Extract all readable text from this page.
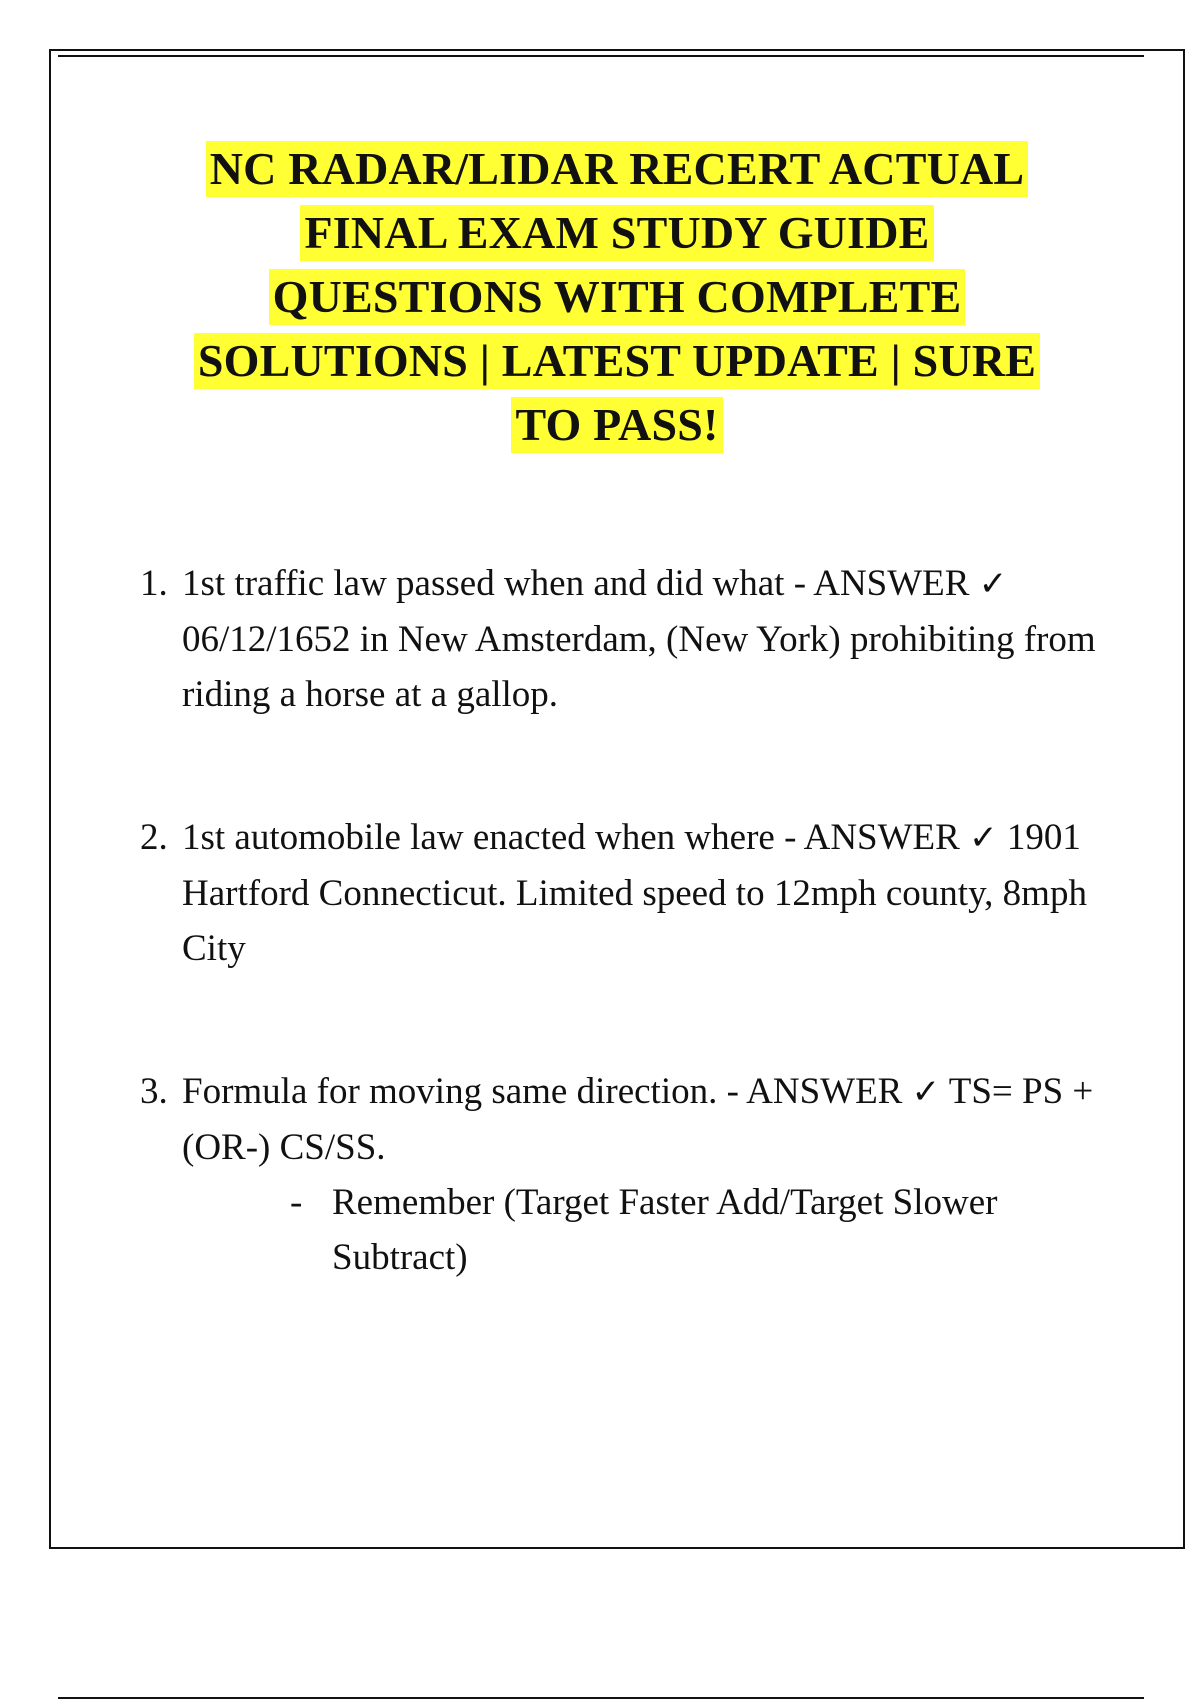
NC RADAR/LIDAR RECERT ACTUAL
FINAL EXAM STUDY GUIDE
QUESTIONS WITH COMPLETE
SOLUTIONS | LATEST UPDATE | SURE
TO PASS!
1. 1st traffic law passed when and did what - ANSWER ✓ 06/12/1652 in New Amsterdam, (New York) prohibiting from riding a horse at a gallop.
2. 1st automobile law enacted when where - ANSWER ✓ 1901 Hartford Connecticut. Limited speed to 12mph county, 8mph City
3. Formula for moving same direction. - ANSWER ✓ TS= PS + (OR-) CS/SS.

- Remember (Target Faster Add/Target Slower Subtract)
